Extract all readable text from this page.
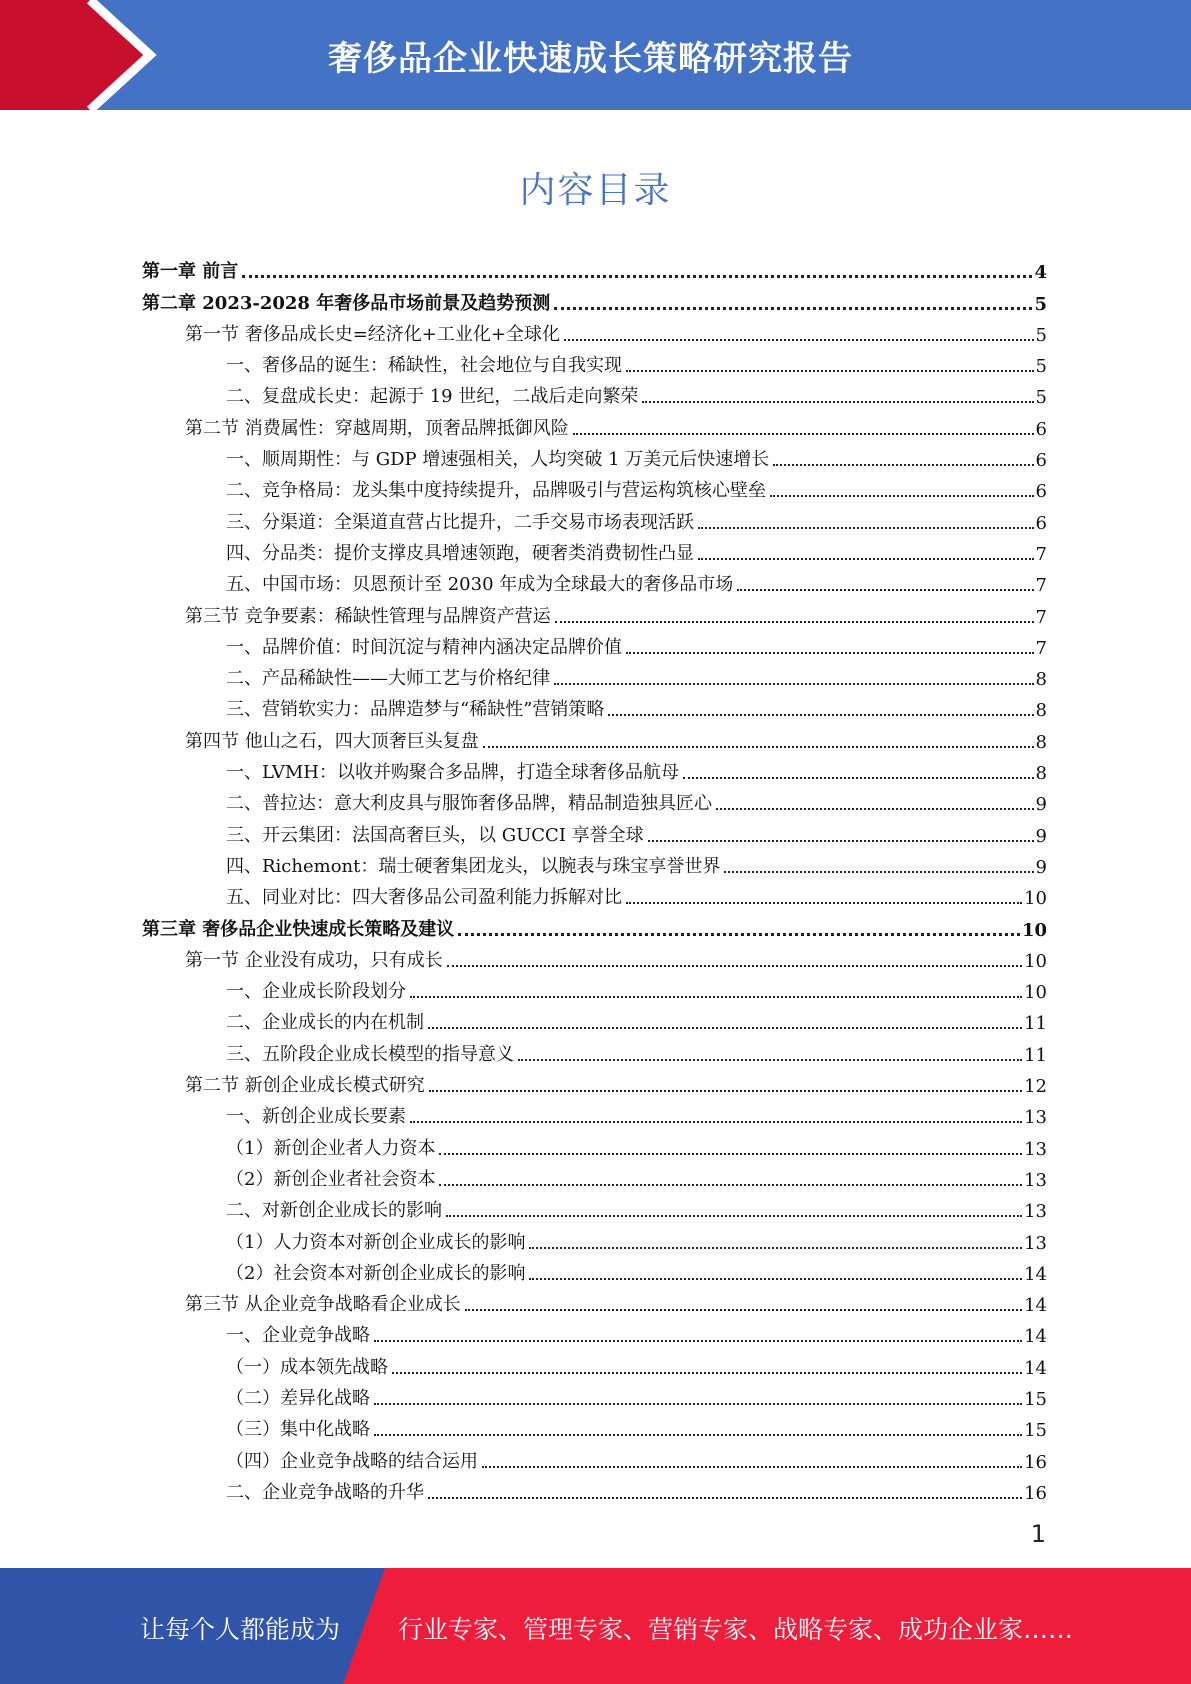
奢侈品企业快速成长策略研究报告
内容目录
第一章 前言	4
第二章 2023-2028 年奢侈品市场前景及趋势预测	5
第一节 奢侈品成长史=经济化+工业化+全球化	5
一、奢侈品的诞生：稀缺性，社会地位与自我实现	5
二、复盘成长史：起源于 19 世纪，二战后走向繁荣	5
第二节 消费属性：穿越周期，顶奢品牌抵御风险	6
一、顺周期性：与 GDP 增速强相关，人均突破 1 万美元后快速增长	6
二、竞争格局：龙头集中度持续提升，品牌吸引与营运构筑核心壁垒	6
三、分渠道：全渠道直营占比提升，二手交易市场表现活跃	6
四、分品类：提价支撑皮具增速领跑，硬奢类消费韧性凸显	7
五、中国市场：贝恩预计至 2030 年成为全球最大的奢侈品市场	7
第三节 竞争要素：稀缺性管理与品牌资产营运	7
一、品牌价值：时间沉淀与精神内涵决定品牌价值	7
二、产品稀缺性——大师工艺与价格纪律	8
三、营销软实力：品牌造梦与“稀缺性”营销策略	8
第四节 他山之石，四大顶奢巨头复盘	8
一、LVMH：以收并购聚合多品牌，打造全球奢侈品航母	8
二、普拉达：意大利皮具与服饰奢侈品牌，精品制造独具匠心	9
三、开云集团：法国高奢巨头，以 GUCCI 享誉全球	9
四、Richemont：瑞士硬奢集团龙头，以腕表与珠宝享誉世界	9
五、同业对比：四大奢侈品公司盈利能力拆解对比	10
第三章 奢侈品企业快速成长策略及建议	10
第一节 企业没有成功，只有成长	10
一、企业成长阶段划分	10
二、企业成长的内在机制	11
三、五阶段企业成长模型的指导意义	11
第二节 新创企业成长模式研究	12
一、新创企业成长要素	13
（1）新创企业者人力资本	13
（2）新创企业者社会资本	13
二、对新创企业成长的影响	13
（1）人力资本对新创企业成长的影响	13
（2）社会资本对新创企业成长的影响	14
第三节 从企业竞争战略看企业成长	14
一、企业竞争战略	14
（一）成本领先战略	14
（二）差异化战略	15
（三）集中化战略	15
（四）企业竞争战略的结合运用	16
二、企业竞争战略的升华	16
1
让每个人都能成为 行业专家、管理专家、营销专家、战略专家、成功企业家……
